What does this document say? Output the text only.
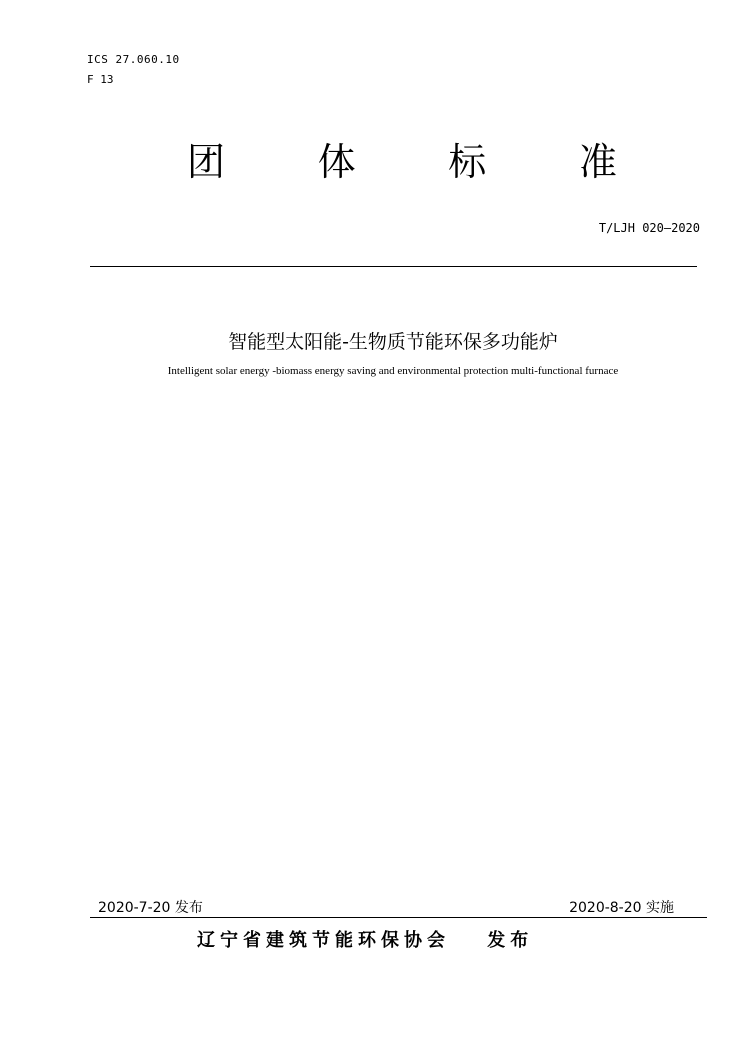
ICS 27.060.10
F 13
团 体 标 准
T/LJH 020—2020
智能型太阳能-生物质节能环保多功能炉
Intelligent solar energy -biomass energy saving and environmental protection multi-functional furnace
2020-7-20 发布	2020-8-20 实施
辽宁省建筑节能环保协会 发布
